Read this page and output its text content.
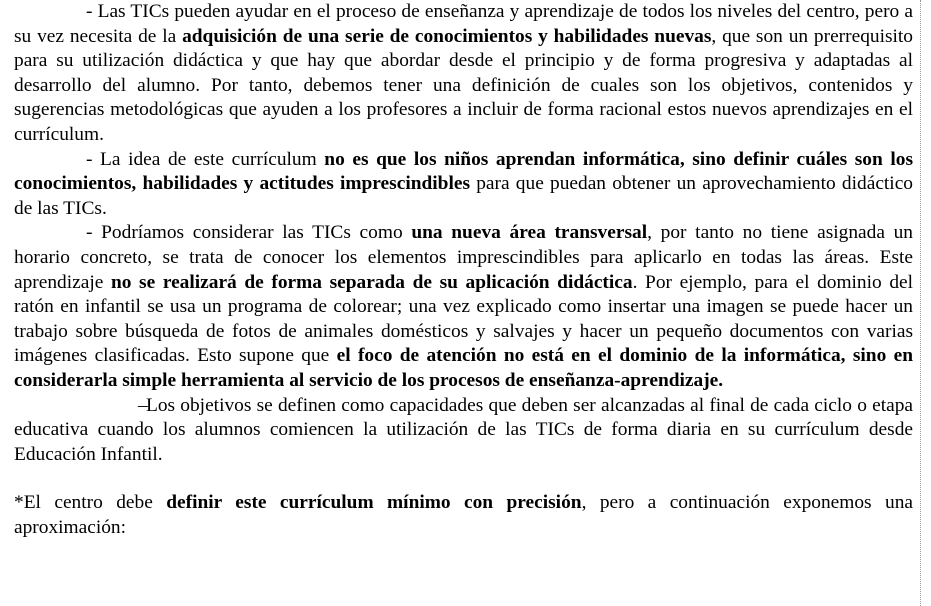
- Las TICs pueden ayudar en el proceso de enseñanza y aprendizaje de todos los niveles del centro, pero a su vez necesita de la adquisición de una serie de conocimientos y habilidades nuevas, que son un prerrequisito para su utilización didáctica y que hay que abordar desde el principio y de forma progresiva y adaptadas al desarrollo del alumno. Por tanto, debemos tener una definición de cuales son los objetivos, contenidos y sugerencias metodológicas que ayuden a los profesores a incluir de forma racional estos nuevos aprendizajes en el currículum.

- La idea de este currículum no es que los niños aprendan informática, sino definir cuáles son los conocimientos, habilidades y actitudes imprescindibles para que puedan obtener un aprovechamiento didáctico de las TICs.

- Podríamos considerar las TICs como una nueva área transversal, por tanto no tiene asignada un horario concreto, se trata de conocer los elementos imprescindibles para aplicarlo en todas las áreas. Este aprendizaje no se realizará de forma separada de su aplicación didáctica. Por ejemplo, para el dominio del ratón en infantil se usa un programa de colorear; una vez explicado como insertar una imagen se puede hacer un trabajo sobre búsqueda de fotos de animales domésticos y salvajes y hacer un pequeño documentos con varias imágenes clasificadas. Esto supone que el foco de atención no está en el dominio de la informática, sino en considerarla simple herramienta al servicio de los procesos de enseñanza-aprendizaje.

–Los objetivos se definen como capacidades que deben ser alcanzadas al final de cada ciclo o etapa educativa cuando los alumnos comiencen la utilización de las TICs de forma diaria en su currículum desde Educación Infantil.

*El centro debe definir este currículum mínimo con precisión, pero a continuación exponemos una aproximación:
